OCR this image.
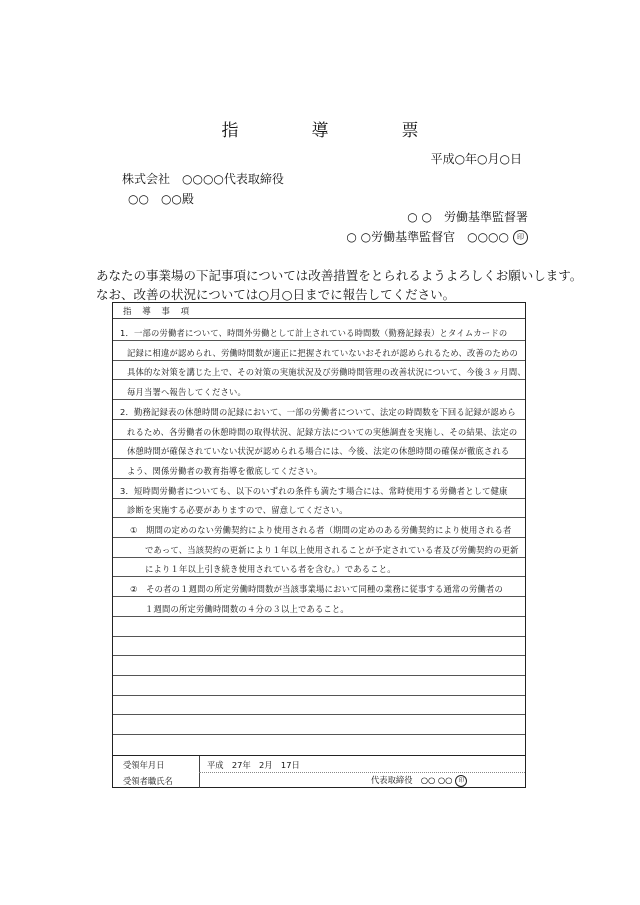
指　導　票
平成○年○月○日
株式会社　○○○○代表取締役
○○　○○殿
○ ○　労働基準監督署
○ ○労働基準監督官　○○○○ 印
あなたの事業場の下記事項については改善措置をとられるようよろしくお願いします。
なお、改善の状況については○月○日までに報告してください。
指 導 事 項
1．一部の労働者について、時間外労働として計上されている時間数（勤務記録表）とタイムカードの
記録に相違が認められ、労働時間数が適正に把握されていないおそれが認められるため、改善のための
具体的な対策を講じた上で、その対策の実施状況及び労働時間管理の改善状況について、今後３ヶ月間、
毎月当署へ報告してください。
2．勤務記録表の休憩時間の記録において、一部の労働者について、法定の時間数を下回る記録が認めら
れるため、各労働者の休憩時間の取得状況、記録方法についての実態調査を実施し、その結果、法定の
休憩時間が確保されていない状況が認められる場合には、今後、法定の休憩時間の確保が徹底される
よう、関係労働者の教育指導を徹底してください。
3．短時間労働者についても、以下のいずれの条件も満たす場合には、常時使用する労働者として健康
診断を実施する必要がありますので、留意してください。
①　期間の定めのない労働契約により使用される者（期間の定めのある労働契約により使用される者
であって、当該契約の更新により１年以上使用されることが予定されている者及び労働契約の更新
により１年以上引き続き使用されている者を含む。）であること。
②　その者の１週間の所定労働時間数が当該事業場において同種の業務に従事する通常の労働者の
１週間の所定労働時間数の４分の３以上であること。
受領年月日
受領者職氏名
平成　27年　2月　17日
代表取締役　○○ ○○ 印
